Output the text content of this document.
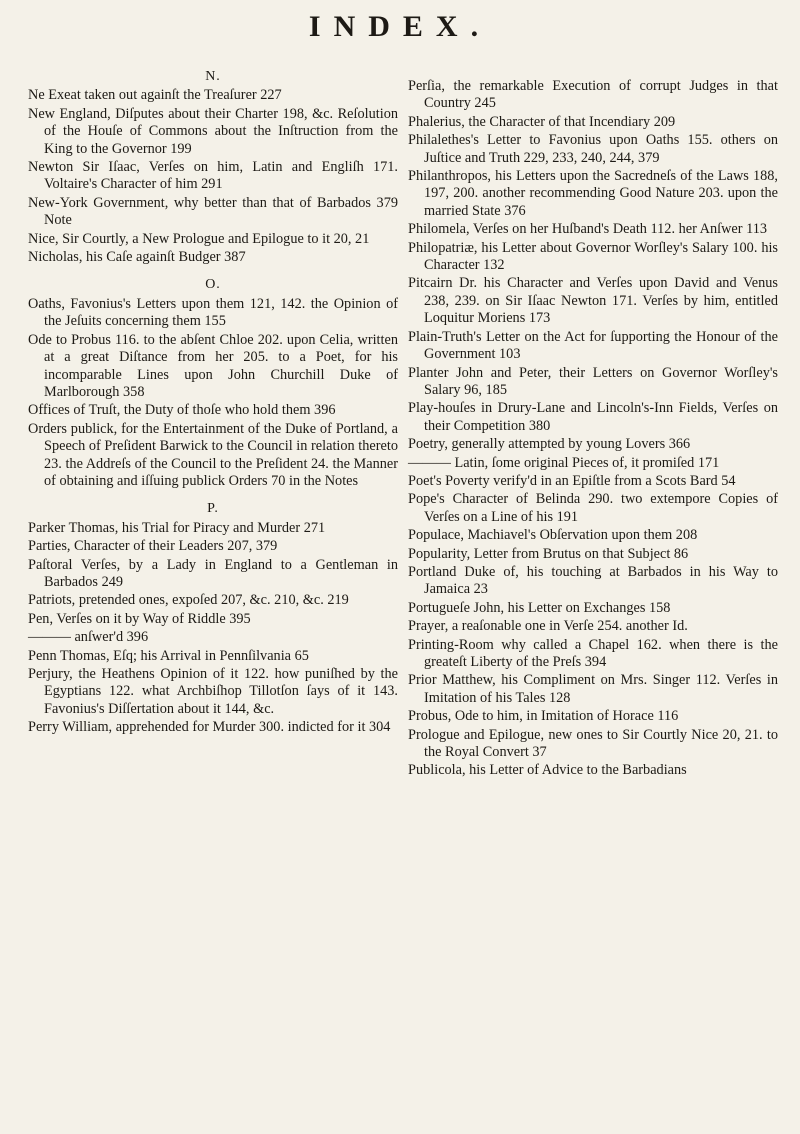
INDEX.
N.
Ne Exeat taken out againſt the Treaſurer 227
New England, Diſputes about their Charter 198, &c. Reſolution of the Houſe of Commons about the Inſtruction from the King to the Governor 199
Newton Sir Iſaac, Verſes on him, Latin and Engliſh 171. Voltaire's Character of him 291
New-York Government, why better than that of Barbados 379 Note
Nice, Sir Courtly, a New Prologue and Epilogue to it 20, 21
Nicholas, his Caſe againſt Budger 387
O.
Oaths, Favonius's Letters upon them 121, 142. the Opinion of the Jeſuits concerning them 155
Ode to Probus 116. to the abſent Chloe 202. upon Celia, written at a great Diſtance from her 205. to a Poet, for his incomparable Lines upon John Churchill Duke of Marlborough 358
Offices of Truſt, the Duty of thoſe who hold them 396
Orders publick, for the Entertainment of the Duke of Portland, a Speech of Preſident Barwick to the Council in relation thereto 23. the Addreſs of the Council to the Preſident 24. the Manner of obtaining and iſſuing publick Orders 70 in the Notes
P.
Parker Thomas, his Trial for Piracy and Murder 271
Parties, Character of their Leaders 207, 379
Paſtoral Verſes, by a Lady in England to a Gentleman in Barbados 249
Patriots, pretended ones, expoſed 207, &c. 210, &c. 219
Pen, Verſes on it by Way of Riddle 395
——— anſwer'd 396
Penn Thomas, Eſq; his Arrival in Pennſilvania 65
Perjury, the Heathens Opinion of it 122. how puniſhed by the Egyptians 122. what Archbiſhop Tillotſon ſays of it 143. Favonius's Diſſertation about it 144, &c.
Perry William, apprehended for Murder 300. indicted for it 304
Perſia, the remarkable Execution of corrupt Judges in that Country 245
Phalerius, the Character of that Incendiary 209
Philalethes's Letter to Favonius upon Oaths 155. others on Juſtice and Truth 229, 233, 240, 244, 379
Philanthropos, his Letters upon the Sacredneſs of the Laws 188, 197, 200. another recommending Good Nature 203. upon the married State 376
Philomela, Verſes on her Huſband's Death 112. her Anſwer 113
Philopatriæ, his Letter about Governor Worſley's Salary 100. his Character 132
Pitcairn Dr. his Character and Verſes upon David and Venus 238, 239. on Sir Iſaac Newton 171. Verſes by him, entitled Loquitur Moriens 173
Plain-Truth's Letter on the Act for ſupporting the Honour of the Government 103
Planter John and Peter, their Letters on Governor Worſley's Salary 96, 185
Play-houſes in Drury-Lane and Lincoln's-Inn Fields, Verſes on their Competition 380
Poetry, generally attempted by young Lovers 366
——— Latin, ſome original Pieces of, it promiſed 171
Poet's Poverty verify'd in an Epiſtle from a Scots Bard 54
Pope's Character of Belinda 290. two extempore Copies of Verſes on a Line of his 191
Populace, Machiavel's Obſervation upon them 208
Popularity, Letter from Brutus on that Subject 86
Portland Duke of, his touching at Barbados in his Way to Jamaica 23
Portugueſe John, his Letter on Exchanges 158
Prayer, a reaſonable one in Verſe 254. another Id.
Printing-Room why called a Chapel 162. when there is the greateſt Liberty of the Preſs 394
Prior Matthew, his Compliment on Mrs. Singer 112. Verſes in Imitation of his Tales 128
Probus, Ode to him, in Imitation of Horace 116
Prologue and Epilogue, new ones to Sir Courtly Nice 20, 21. to the Royal Convert 37
Publicola, his Letter of Advice to the Barbadians
